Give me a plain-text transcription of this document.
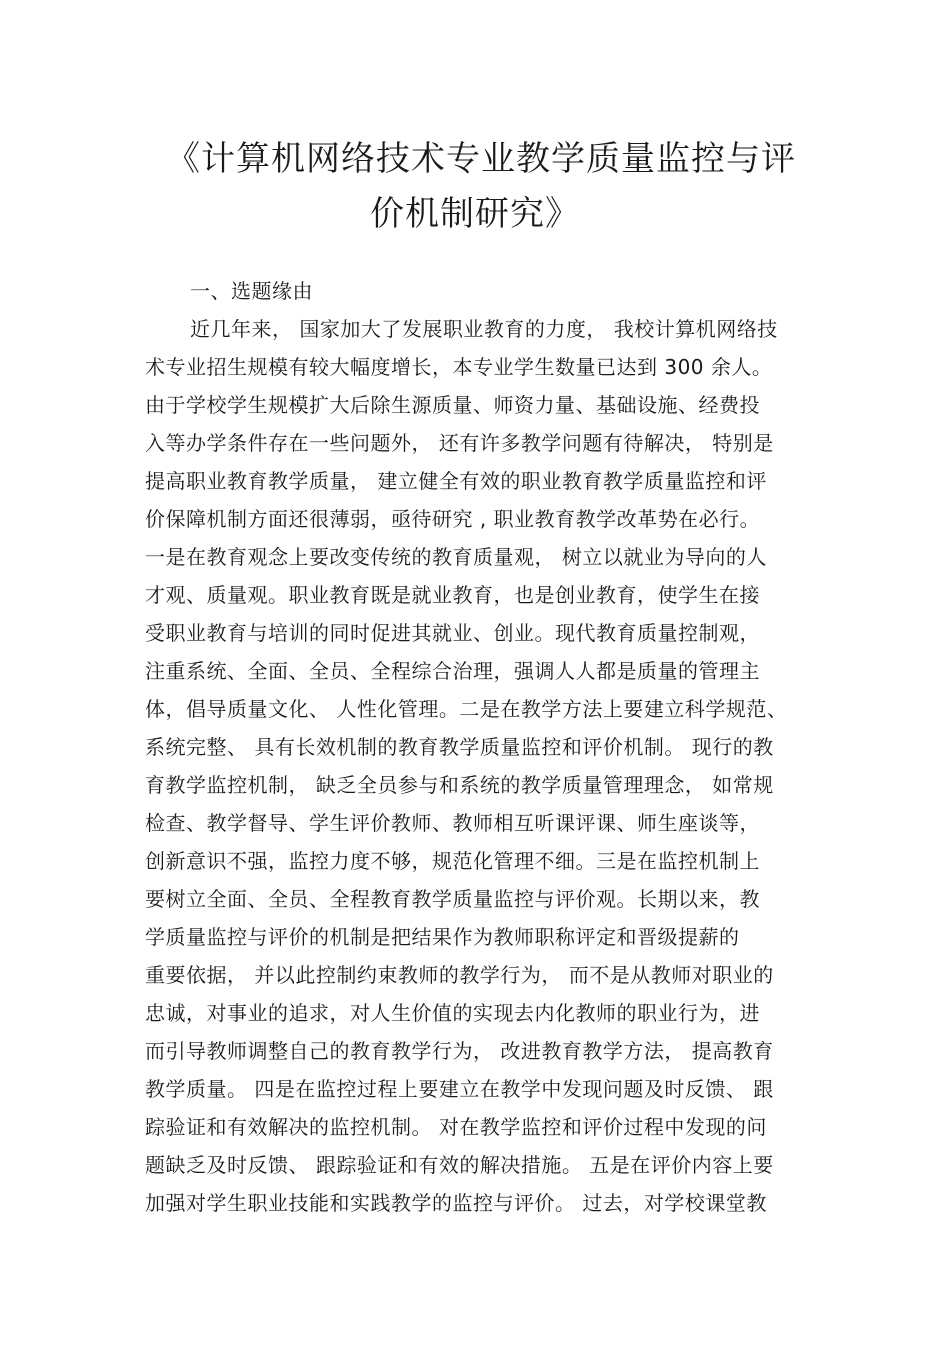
《计算机网络技术专业教学质量监控与评
价机制研究》
一、选题缘由
近几年来， 国家加大了发展职业教育的力度， 我校计算机网络技
术专业招生规模有较大幅度增长，本专业学生数量已达到 300 余人。
由于学校学生规模扩大后除生源质量、师资力量、基础设施、经费投
入等办学条件存在一些问题外， 还有许多教学问题有待解决， 特别是
提高职业教育教学质量， 建立健全有效的职业教育教学质量监控和评
价保障机制方面还很薄弱，亟待研究 , 职业教育教学改革势在必行。
一是在教育观念上要改变传统的教育质量观， 树立以就业为导向的人
才观、质量观。职业教育既是就业教育，也是创业教育，使学生在接
受职业教育与培训的同时促进其就业、创业。现代教育质量控制观，
注重系统、全面、全员、全程综合治理，强调人人都是质量的管理主
体，倡导质量文化、 人性化管理。二是在教学方法上要建立科学规范、
系统完整、 具有长效机制的教育教学质量监控和评价机制。 现行的教
育教学监控机制， 缺乏全员参与和系统的教学质量管理理念， 如常规
检查、教学督导、学生评价教师、教师相互听课评课、师生座谈等，
创新意识不强，监控力度不够，规范化管理不细。三是在监控机制上
要树立全面、全员、全程教育教学质量监控与评价观。长期以来，教
学质量监控与评价的机制是把结果作为教师职称评定和晋级提薪的
重要依据， 并以此控制约束教师的教学行为， 而不是从教师对职业的
忠诚，对事业的追求，对人生价值的实现去内化教师的职业行为，进
而引导教师调整自己的教育教学行为， 改进教育教学方法， 提高教育
教学质量。 四是在监控过程上要建立在教学中发现问题及时反馈、 跟
踪验证和有效解决的监控机制。 对在教学监控和评价过程中发现的问
题缺乏及时反馈、 跟踪验证和有效的解决措施。 五是在评价内容上要
加强对学生职业技能和实践教学的监控与评价。 过去，对学校课堂教
